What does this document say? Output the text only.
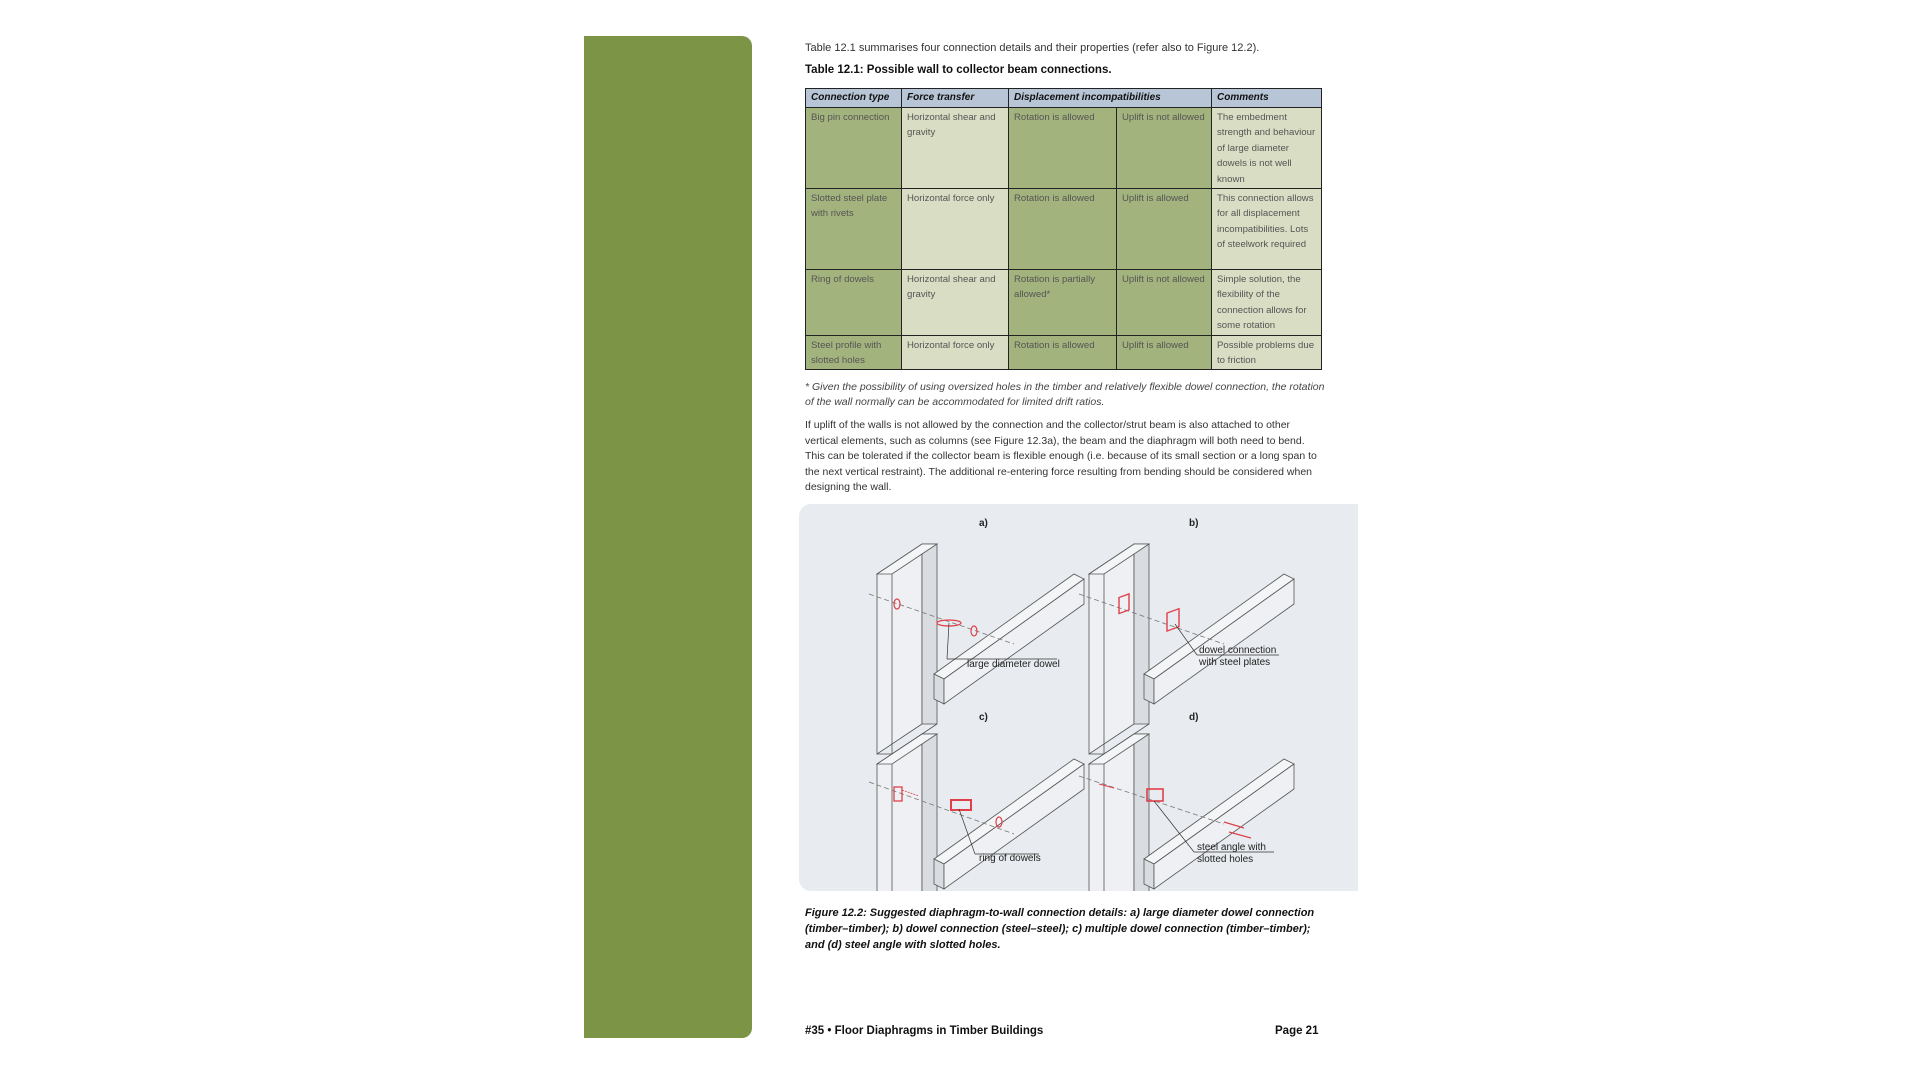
Table 12.1 summarises four connection details and their properties (refer also to Figure 12.2).
Table 12.1: Possible wall to collector beam connections.
Connection type	Force transfer	Displacement incompatibilities		Comments
Big pin connection	Horizontal shear and gravity	Rotation is allowed	Uplift is not allowed	The embedment strength and behaviour of large diameter dowels is not well known
Slotted steel plate with rivets	Horizontal force only	Rotation is allowed	Uplift is allowed	This connection allows for all displacement incompatibilities. Lots of steelwork required
Ring of dowels	Horizontal shear and gravity	Rotation is partially allowed*	Uplift is not allowed	Simple solution, the flexibility of the connection allows for some rotation
Steel profile with slotted holes	Horizontal force only	Rotation is allowed	Uplift is allowed	Possible problems due to friction
* Given the possibility of using oversized holes in the timber and relatively flexible dowel connection, the rotation of the wall normally can be accommodated for limited drift ratios.
If uplift of the walls is not allowed by the connection and the collector/strut beam is also attached to other vertical elements, such as columns (see Figure 12.3a), the beam and the diaphragm will both need to bend. This can be tolerated if the collector beam is flexible enough (i.e. because of its small section or a long span to the next vertical restraint). The additional re-entering force resulting from bending should be considered when designing the wall.
large diameter dowel
a)
dowel connection
with steel plates
b)
ring of dowels
c)
steel angle with
slotted holes
d)
Figure 12.2: Suggested diaphragm-to-wall connection details: a) large diameter dowel connection (timber–timber); b) dowel connection (steel–steel); c) multiple dowel connection (timber–timber); and (d) steel angle with slotted holes.
#35 • Floor Diaphragms in Timber Buildings	Page 21
